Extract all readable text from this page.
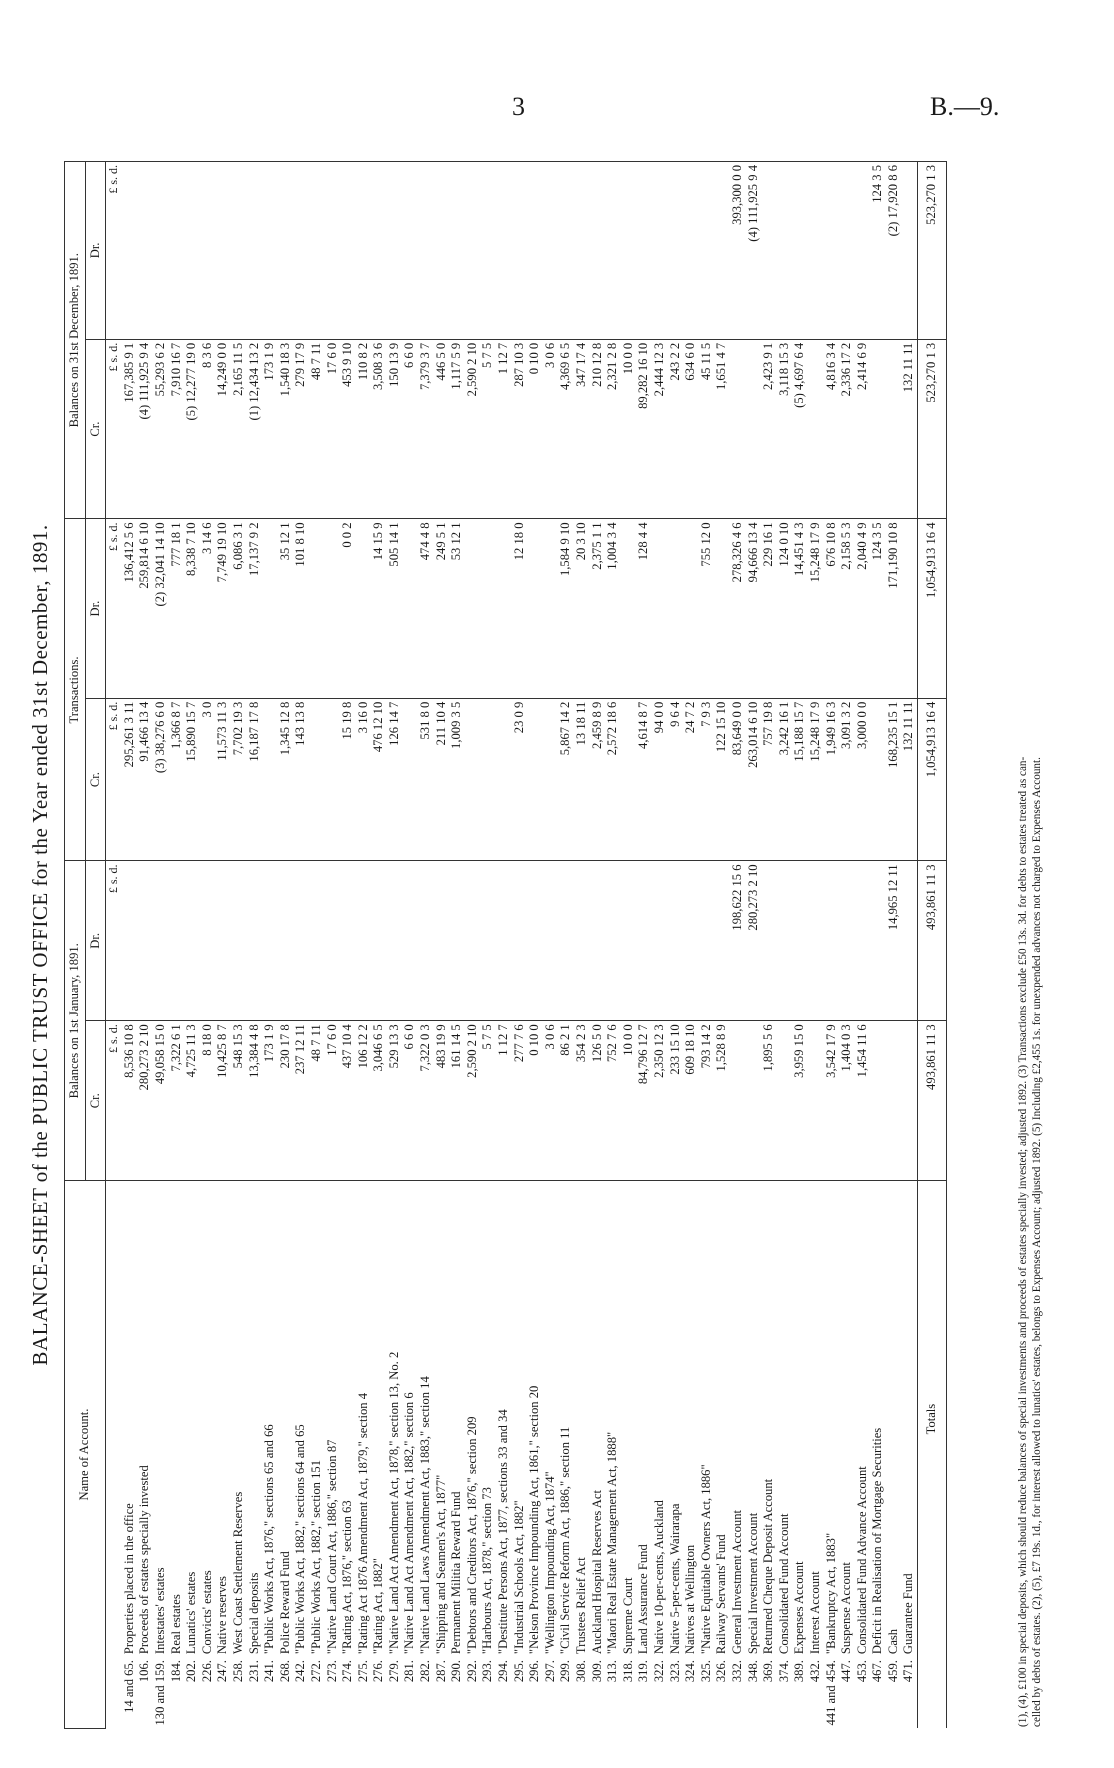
3	B.—9.
BALANCE-SHEET of the PUBLIC TRUST OFFICE for the Year ended 31st December, 1891.
Name of Account.		Balances on 1st January, 1891.		Transactions.		Balances on 31st December, 1891.	
		Cr.	Dr.	Cr.	Dr.	Cr.	Dr.
		£ s. d.	£ s. d.	£ s. d.	£ s. d.	£ s. d.	£ s. d.
14 and 65.	Properties placed in the office	8,536 10 8		295,261 3 11	136,412 5 6	167,385 9 1	
106.	Proceeds of estates specially invested	280,273 2 10		91,466 13 4	259,814 6 10	(4) 111,925 9 4	
130 and 159.	Intestates' estates	49,058 15 0		(3) 38,276 6 0	(2) 32,041 14 10	55,293 6 2	
184.	Real estates	7,322 6 1		1,366 8 7	777 18 1	7,910 16 7	
202.	Lunatics' estates	4,725 11 3		15,890 15 7	8,338 7 10	(5) 12,277 19 0	
226.	Convicts' estates	8 18 0		3 0	3 14 6	8 3 6	
247.	Native reserves	10,425 8 7		11,573 11 3	7,749 19 10	14,249 0 0	
258.	West Coast Settlement Reserves	548 15 3		7,702 19 3	6,086 3 1	2,165 11 5	
231.	Special deposits	13,384 4 8		16,187 17 8	17,137 9 2	(1) 12,434 13 2	
241.	"Public Works Act, 1876," sections 65 and 66	173 1 9				173 1 9	
268.	Police Reward Fund	230 17 8		1,345 12 8	35 12 1	1,540 18 3	
242.	"Public Works Act, 1882," sections 64 and 65	237 12 11		143 13 8	101 8 10	279 17 9	
272.	"Public Works Act, 1882," section 151	48 7 11				48 7 11	
273.	"Native Land Court Act, 1886," section 87	17 6 0				17 6 0	
274.	"Rating Act, 1876," section 63	437 10 4		15 19 8	0 0 2	453 9 10	
275.	"Rating Act 1876 Amendment Act, 1879," section 4	106 12 2		3 16 0		110 8 2	
276.	"Rating Act, 1882"	3,046 6 5		476 12 10	14 15 9	3,508 3 6	
279.	"Native Land Act Amendment Act, 1878," section 13, No. 2	529 13 3		126 14 7	505 14 1	150 13 9	
281.	"Native Land Act Amendment Act, 1882," section 6	6 6 0				6 6 0	
282.	"Native Land Laws Amendment Act, 1883," section 14	7,322 0 3		531 8 0	474 4 8	7,379 3 7	
287.	"Shipping and Seamen's Act, 1877"	483 19 9		211 10 4	249 5 1	446 5 0	
290.	Permanent Militia Reward Fund	161 14 5		1,009 3 5	53 12 1	1,117 5 9	
292.	"Debtors and Creditors Act, 1876," section 209	2,590 2 10				2,590 2 10	
293.	"Harbours Act, 1878," section 73	5 7 5				5 7 5	
294.	"Destitute Persons Act, 1877, sections 33 and 34	1 12 7				1 12 7	
295.	"Industrial Schools Act, 1882"	277 7 6		23 0 9	12 18 0	287 10 3	
296.	"Nelson Province Impounding Act, 1861," section 20	0 10 0				0 10 0	
297.	"Wellington Impounding Act, 1874"	3 0 6				3 0 6	
299.	"Civil Service Reform Act, 1886," section 11	86 2 1		5,867 14 2	1,584 9 10	4,369 6 5	
308.	Trustees Relief Act	354 2 3		13 18 11	20 3 10	347 17 4	
309.	Auckland Hospital Reserves Act	126 5 0		2,459 8 9	2,375 1 1	210 12 8	
313.	"Maori Real Estate Management Act, 1888"	752 7 6		2,572 18 6	1,004 3 4	2,321 2 8	
318.	Supreme Court	10 0 0				10 0 0	
319.	Land Assurance Fund	84,796 12 7		4,614 8 7	128 4 4	89,282 16 10	
322.	Native 10-per-cents, Auckland	2,350 12 3		94 0 0		2,444 12 3	
323.	Native 5-per-cents, Wairarapa	233 15 10		9 6 4		243 2 2	
324.	Natives at Wellington	609 18 10		24 7 2		634 6 0	
325.	"Native Equitable Owners Act, 1886"	793 14 2		7 9 3	755 12 0	45 11 5	
326.	Railway Servants' Fund	1,528 8 9		122 15 10		1,651 4 7	
332.	General Investment Account		198,622 15 6	83,649 0 0	278,326 4 6		393,300 0 0
348.	Special Investment Account		280,273 2 10	263,014 6 10	94,666 13 4		(4) 111,925 9 4
369.	Returned Cheque Deposit Account	1,895 5 6		757 19 8	229 16 1	2,423 9 1	
374.	Consolidated Fund Account			3,242 16 1	124 0 10	3,118 15 3	
389.	Expenses Account	3,959 15 0		15,188 15 7	14,451 4 3	(5) 4,697 6 4	
432.	Interest Account			15,248 17 9	15,248 17 9		
441 and 454.	"Bankruptcy Act, 1883"	3,542 17 9		1,949 16 3	676 10 8	4,816 3 4	
447.	Suspense Account	1,404 0 3		3,091 3 2	2,158 5 3	2,336 17 2	
453.	Consolidated Fund Advance Account	1,454 11 6		3,000 0 0	2,040 4 9	2,414 6 9	
467.	Deficit in Realisation of Mortgage Securities				124 3 5		124 3 5
459.	Cash		14,965 12 11	168,235 15 1	171,190 10 8		(2) 17,920 8 6
471.	Guarantee Fund			132 11 11		132 11 11	
	Totals	493,861 11 3	493,861 11 3	1,054,913 16 4	1,054,913 16 4	523,270 1 3	523,270 1 3
(1), (4), £100 in special deposits, which should reduce balances of special investments and proceeds of estates specially invested; adjusted 1892. (3) Transactions exclude £50 13s. 3d. for debts to estates treated as can- celled by debts of estates. (2), (5), £7 19s. 1d., for interest allowed to lunatics' estates, belongs to Expenses Account; adjusted 1892. (5) Including £2,455 1s. for unexpended advances not charged to Expenses Account.
